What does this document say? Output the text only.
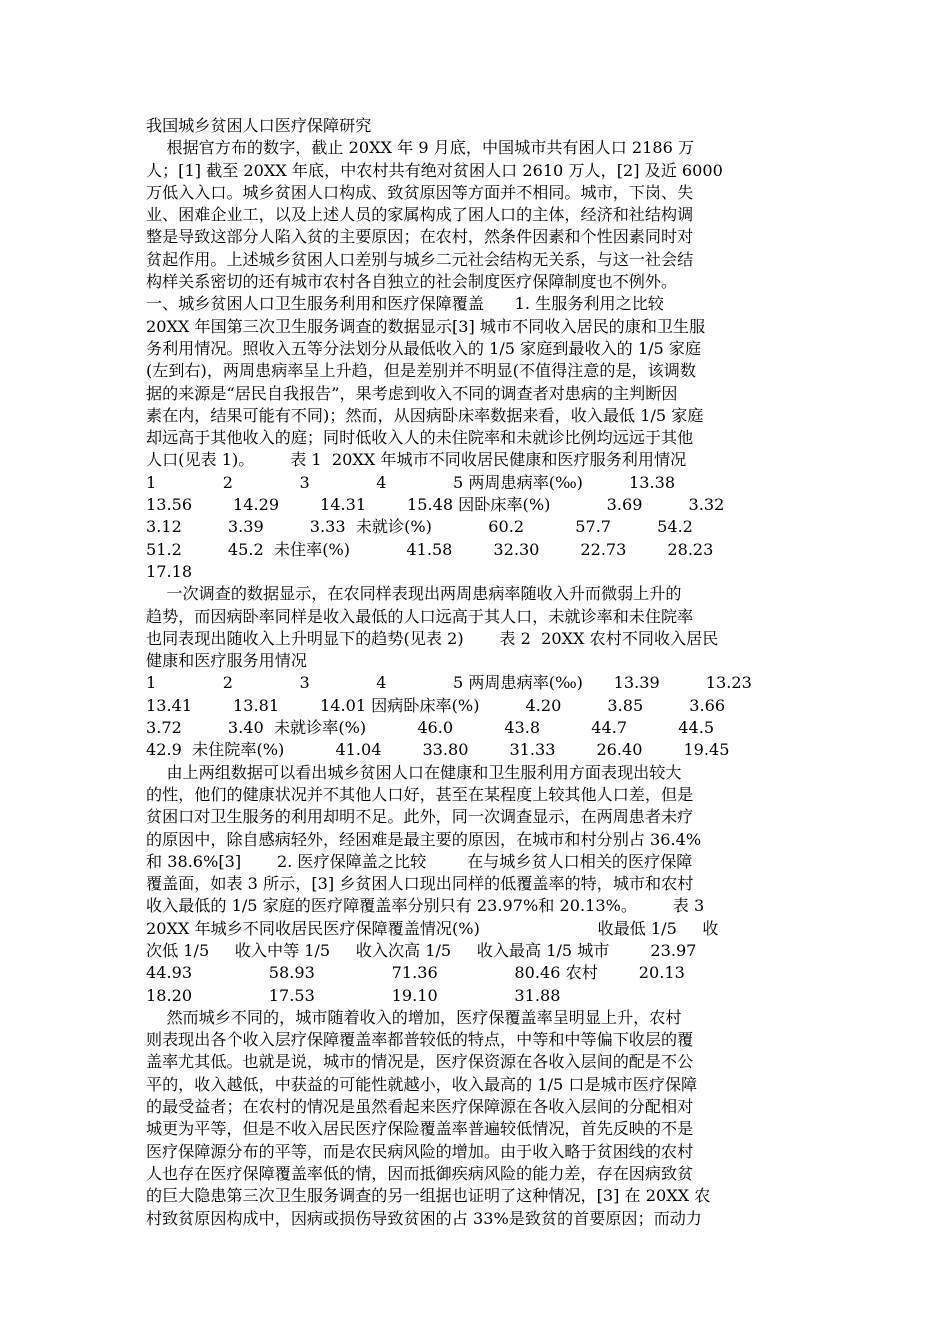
我国城乡贫困人口医疗保障研究
根据官方布的数字，截止 20XX 年 9 月底，中国城市共有困人口 2186 万
人；[1] 截至 20XX 年底，中农村共有绝对贫困人口 2610 万人，[2] 及近 6000
万低入入口。城乡贫困人口构成、致贫原因等方面并不相同。城市，下岗、失
业、困难企业工，以及上述人员的家属构成了困人口的主体，经济和社结构调
整是导致这部分人陷入贫的主要原因；在农村，然条件因素和个性因素同时对
贫起作用。上述城乡贫困人口差别与城乡二元社会结构无关系，与这一社会结
构样关系密切的还有城市农村各自独立的社会制度医疗保障制度也不例外。
一、城乡贫困人口卫生服务利用和医疗保障覆盖      1. 生服务利用之比较
20XX 年国第三次卫生服务调查的数据显示[3] 城市不同收入居民的康和卫生服
务利用情况。照收入五等分法划分从最低收入的 1/5 家庭到最收入的 1/5 家庭
(左到右)，两周患病率呈上升趋，但是差别并不明显(不值得注意的是，该调数
据的来源是“居民自我报告”，果考虑到收入不同的调查者对患病的主判断因
素在内，结果可能有不同)；然而，从因病卧床率数据来看，收入最低 1/5 家庭
却远高于其他收入的庭；同时低收入人的未住院率和未就诊比例均远远于其他
人口(见表 1)。       表 1  20XX 年城市不同收居民健康和医疗服务利用情况
1             2             3             4             5 两周患病率(‰)         13.38
13.56        14.29        14.31        15.48 因卧床率(%)           3.69         3.32
3.12         3.39         3.33  未就诊(%)           60.2          57.7         54.2
51.2         45.2  未住率(%)           41.58        32.30        22.73        28.23
17.18
一次调查的数据显示，在农同样表现出两周患病率随收入升而微弱上升的
趋势，而因病卧率同样是收入最低的人口远高于其人口，未就诊率和未住院率
也同表现出随收入上升明显下的趋势(见表 2)       表 2  20XX 农村不同收入居民
健康和医疗服务用情况
1             2             3             4             5 两周患病率(‰)      13.39         13.23
13.41        13.81        14.01 因病卧床率(%)         4.20         3.85         3.66
3.72         3.40  未就诊率(%)          46.0          43.8          44.7          44.5
42.9  未住院率(%)          41.04        33.80        31.33        26.40        19.45
由上两组数据可以看出城乡贫困人口在健康和卫生服利用方面表现出较大
的性，他们的健康状况并不其他人口好，甚至在某程度上较其他人口差，但是
贫困口对卫生服务的利用却明不足。此外，同一次调查显示，在两周患者未疗
的原因中，除自感病轻外，经困难是最主要的原因，在城市和村分别占 36.4%
和 38.6%[3]       2. 医疗保障盖之比较        在与城乡贫人口相关的医疗保障
覆盖面，如表 3 所示，[3] 乡贫困人口现出同样的低覆盖率的特，城市和农村
收入最低的 1/5 家庭的医疗障覆盖率分别只有 23.97%和 20.13%。       表 3
20XX 年城乡不同收居民医疗保障覆盖情况(%)                       收最低 1/5     收
次低 1/5     收入中等 1/5     收入次高 1/5     收入最高 1/5 城市        23.97
44.93               58.93               71.36               80.46 农村        20.13
18.20               17.53               19.10               31.88
然而城乡不同的，城市随着收入的增加，医疗保覆盖率呈明显上升，农村
则表现出各个收入层疗保障覆盖率都普较低的特点，中等和中等偏下收层的覆
盖率尤其低。也就是说，城市的情况是，医疗保资源在各收入层间的配是不公
平的，收入越低，中获益的可能性就越小，收入最高的 1/5 口是城市医疗保障
的最受益者；在农村的情况是虽然看起来医疗保障源在各收入层间的分配相对
城更为平等，但是不收入居民医疗保险覆盖率普遍较低情况，首先反映的不是
医疗保障源分布的平等，而是农民病风险的增加。由于收入略于贫困线的农村
人也存在医疗保障覆盖率低的情，因而抵御疾病风险的能力差，存在因病致贫
的巨大隐患第三次卫生服务调查的另一组据也证明了这种情况，[3] 在 20XX 农
村致贫原因构成中，因病或损伤导致贫困的占 33%是致贫的首要原因；而动力
